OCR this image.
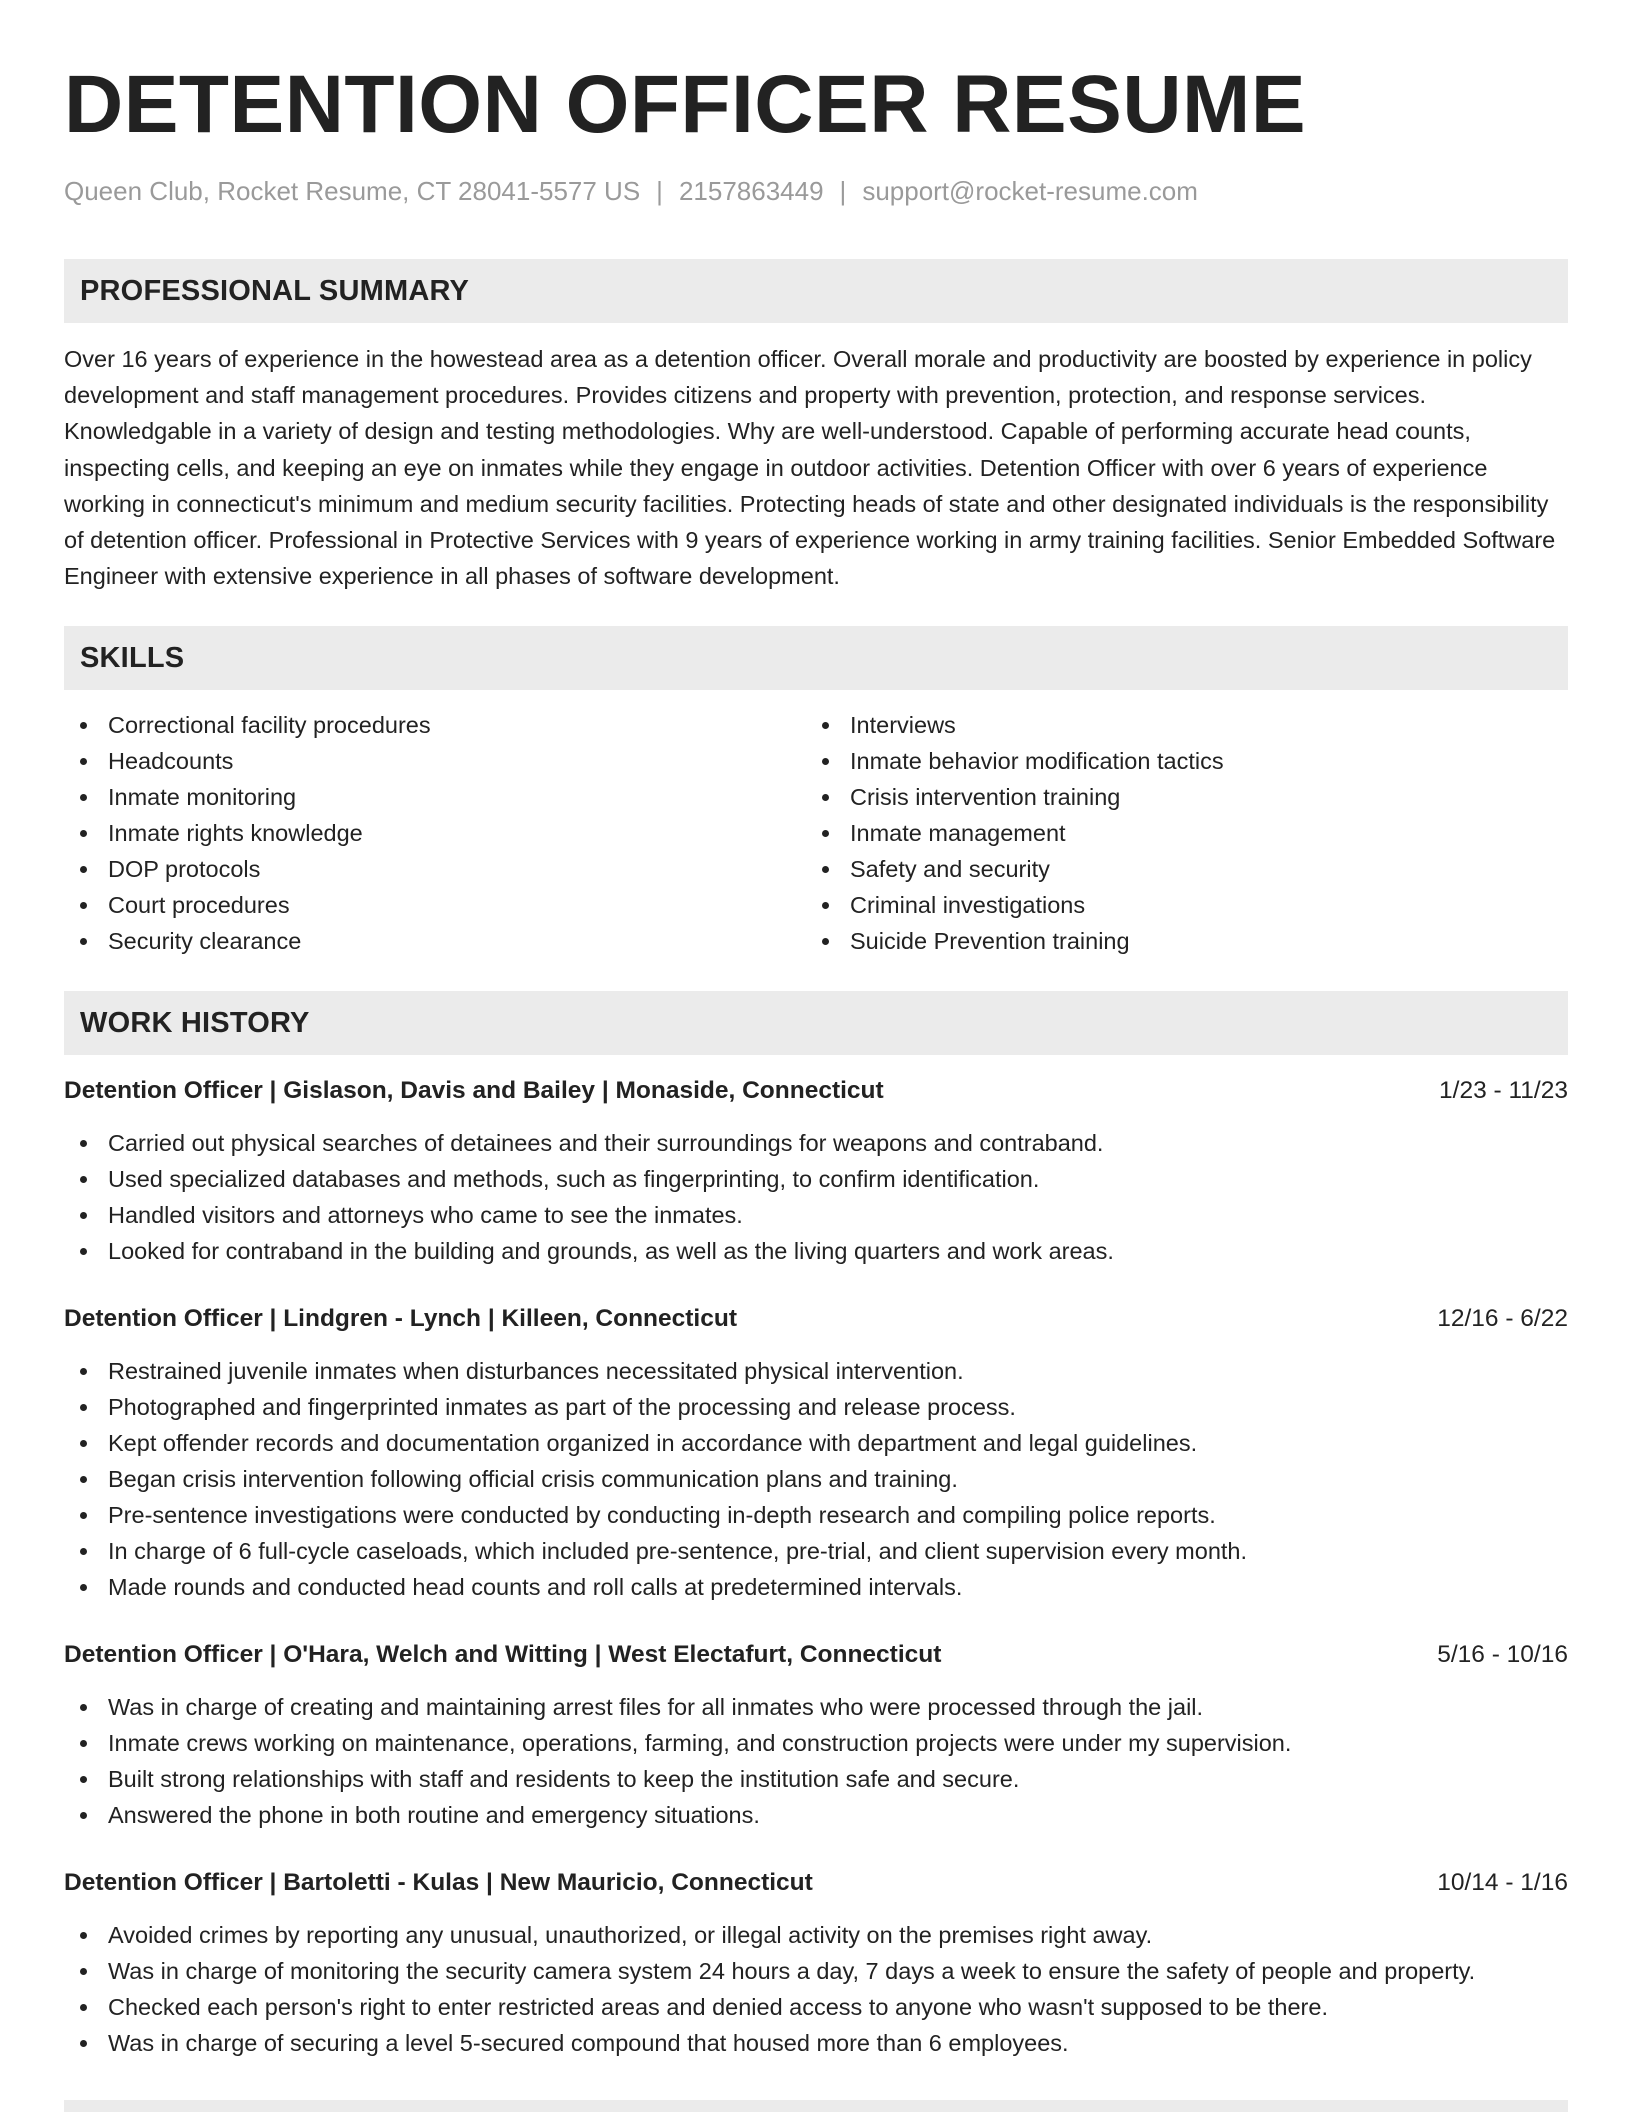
DETENTION OFFICER RESUME
Queen Club, Rocket Resume, CT 28041-5577 US | 2157863449 | support@rocket-resume.com
PROFESSIONAL SUMMARY

Over 16 years of experience in the howestead area as a detention officer. Overall morale and productivity are boosted by experience in policy development and staff management procedures. Provides citizens and property with prevention, protection, and response services. Knowledgable in a variety of design and testing methodologies. Why are well-understood. Capable of performing accurate head counts, inspecting cells, and keeping an eye on inmates while they engage in outdoor activities. Detention Officer with over 6 years of experience working in connecticut's minimum and medium security facilities. Protecting heads of state and other designated individuals is the responsibility of detention officer. Professional in Protective Services with 9 years of experience working in army training facilities. Senior Embedded Software Engineer with extensive experience in all phases of software development.

SKILLS
Correctional facility procedures
Headcounts
Inmate monitoring
Inmate rights knowledge
DOP protocols
Court procedures
Security clearance
Interviews
Inmate behavior modification tactics
Crisis intervention training
Inmate management
Safety and security
Criminal investigations
Suicide Prevention training
WORK HISTORY
Detention Officer | Gislason, Davis and Bailey | Monaside, Connecticut	1/23 - 11/23
Carried out physical searches of detainees and their surroundings for weapons and contraband.
Used specialized databases and methods, such as fingerprinting, to confirm identification.
Handled visitors and attorneys who came to see the inmates.
Looked for contraband in the building and grounds, as well as the living quarters and work areas.
Detention Officer | Lindgren - Lynch | Killeen, Connecticut	12/16 - 6/22
Restrained juvenile inmates when disturbances necessitated physical intervention.
Photographed and fingerprinted inmates as part of the processing and release process.
Kept offender records and documentation organized in accordance with department and legal guidelines.
Began crisis intervention following official crisis communication plans and training.
Pre-sentence investigations were conducted by conducting in-depth research and compiling police reports.
In charge of 6 full-cycle caseloads, which included pre-sentence, pre-trial, and client supervision every month.
Made rounds and conducted head counts and roll calls at predetermined intervals.
Detention Officer | O'Hara, Welch and Witting | West Electafurt, Connecticut	5/16 - 10/16
Was in charge of creating and maintaining arrest files for all inmates who were processed through the jail.
Inmate crews working on maintenance, operations, farming, and construction projects were under my supervision.
Built strong relationships with staff and residents to keep the institution safe and secure.
Answered the phone in both routine and emergency situations.
Detention Officer | Bartoletti - Kulas | New Mauricio, Connecticut	10/14 - 1/16
Avoided crimes by reporting any unusual, unauthorized, or illegal activity on the premises right away.
Was in charge of monitoring the security camera system 24 hours a day, 7 days a week to ensure the safety of people and property.
Checked each person's right to enter restricted areas and denied access to anyone who wasn't supposed to be there.
Was in charge of securing a level 5-secured compound that housed more than 6 employees.
